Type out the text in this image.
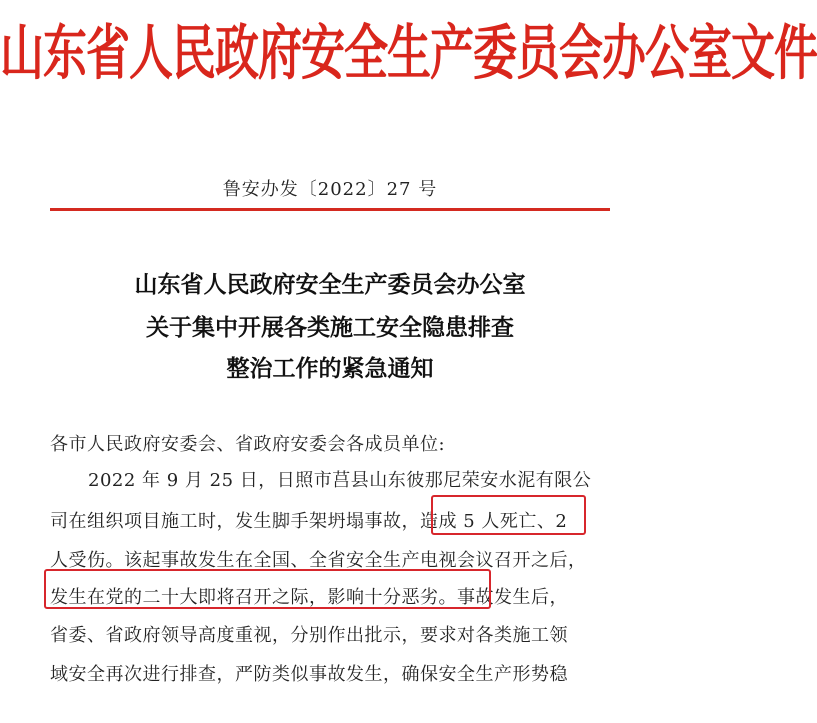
山东省人民政府安全生产委员会办公室文件
鲁安办发〔2022〕27 号
山东省人民政府安全生产委员会办公室
关于集中开展各类施工安全隐患排查
整治工作的紧急通知
各市人民政府安委会、省政府安委会各成员单位:
2022 年 9 月 25 日，日照市莒县山东彼那尼荣安水泥有限公
司在组织项目施工时，发生脚手架坍塌事故，造成 5 人死亡、2
人受伤。该起事故发生在全国、全省安全生产电视会议召开之后，
发生在党的二十大即将召开之际，影响十分恶劣。事故发生后，
省委、省政府领导高度重视，分别作出批示，要求对各类施工领
域安全再次进行排查，严防类似事故发生，确保安全生产形势稳
